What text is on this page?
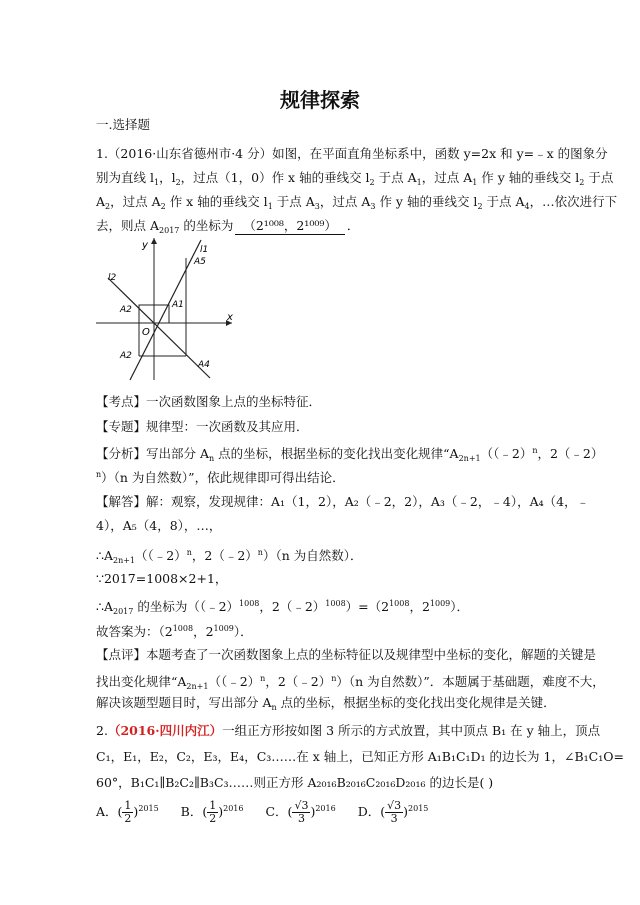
规律探索
一.选择题
1.（2016·山东省德州市·4 分）如图，在平面直角坐标系中，函数 y=2x 和 y=﹣x 的图象分
别为直线 $l_1$，$l_2$，过点（1，0）作 x 轴的垂线交 $l_2$ 于点 $A_1$，过点 $A_1$ 作 y 轴的垂线交 $l_2$ 于点
$A_2$，过点 $A_2$ 作 x 轴的垂线交 $l_1$ 于点 $A_3$，过点 $A_3$ 作 y 轴的垂线交 $l_2$ 于点 $A_4$，…依次进行下
去，则点 $A_{2017}$ 的坐标为 （2¹⁰⁰⁸，2¹⁰⁰⁹） ．
x
y
O
l1
l2
A1
A2
A2
A4
A5
【考点】一次函数图象上点的坐标特征．
【专题】规律型：一次函数及其应用．
【分析】写出部分 $A_n$ 点的坐标，根据坐标的变化找出变化规律“$A_{2n+1}((﹣2)^n$，2（﹣2）
$^n$）（n 为自然数）”，依此规律即可得出结论．
【解答】解：观察，发现规律：A₁（1，2），A₂（﹣2，2），A₃（﹣2，﹣4），A₄（4，﹣
4），A₅（4，8），…，
$\therefore A_{2n+1}((﹣2)^n$，2（﹣2）$^n$）（n 为自然数）．
∵2017=1008×2+1，
$\therefore A_{2017}$ 的坐标为（（﹣2）$^{1008}$，$2(﹣2)^{1008})=(2^{1008}$，$2^{1009}$）．
故答案为：（$2^{1008}$，$2^{1009}$）．
【点评】本题考查了一次函数图象上点的坐标特征以及规律型中坐标的变化，解题的关键是
找出变化规律“$A_{2n+1}((﹣2)^n$，2（﹣2）$^n$）（n 为自然数）”．本题属于基础题，难度不大，
解决该题型题目时，写出部分 $A_n$ 点的坐标，根据坐标的变化找出变化规律是关键．
2.（2016·四川内江）一组正方形按如图 3 所示的方式放置，其中顶点 B₁ 在 y 轴上，顶点
C₁，E₁，E₂，C₂，E₃，E₄，C₃……在 x 轴上，已知正方形 A₁B₁C₁D₁ 的边长为 1，∠B₁C₁O=
60°，B₁C₁∥B₂C₂∥B₃C₃……则正方形 A₂₀₁₆B₂₀₁₆C₂₀₁₆D₂₀₁₆ 的边长是( )
A．( $\frac{1}{2} )^{2015}$ B．( $\frac{1}{2} )^{2016}$ C．( $\frac{√3}{3} )^{2016}$ D．( $\frac{√3}{3} )^{2015}$
